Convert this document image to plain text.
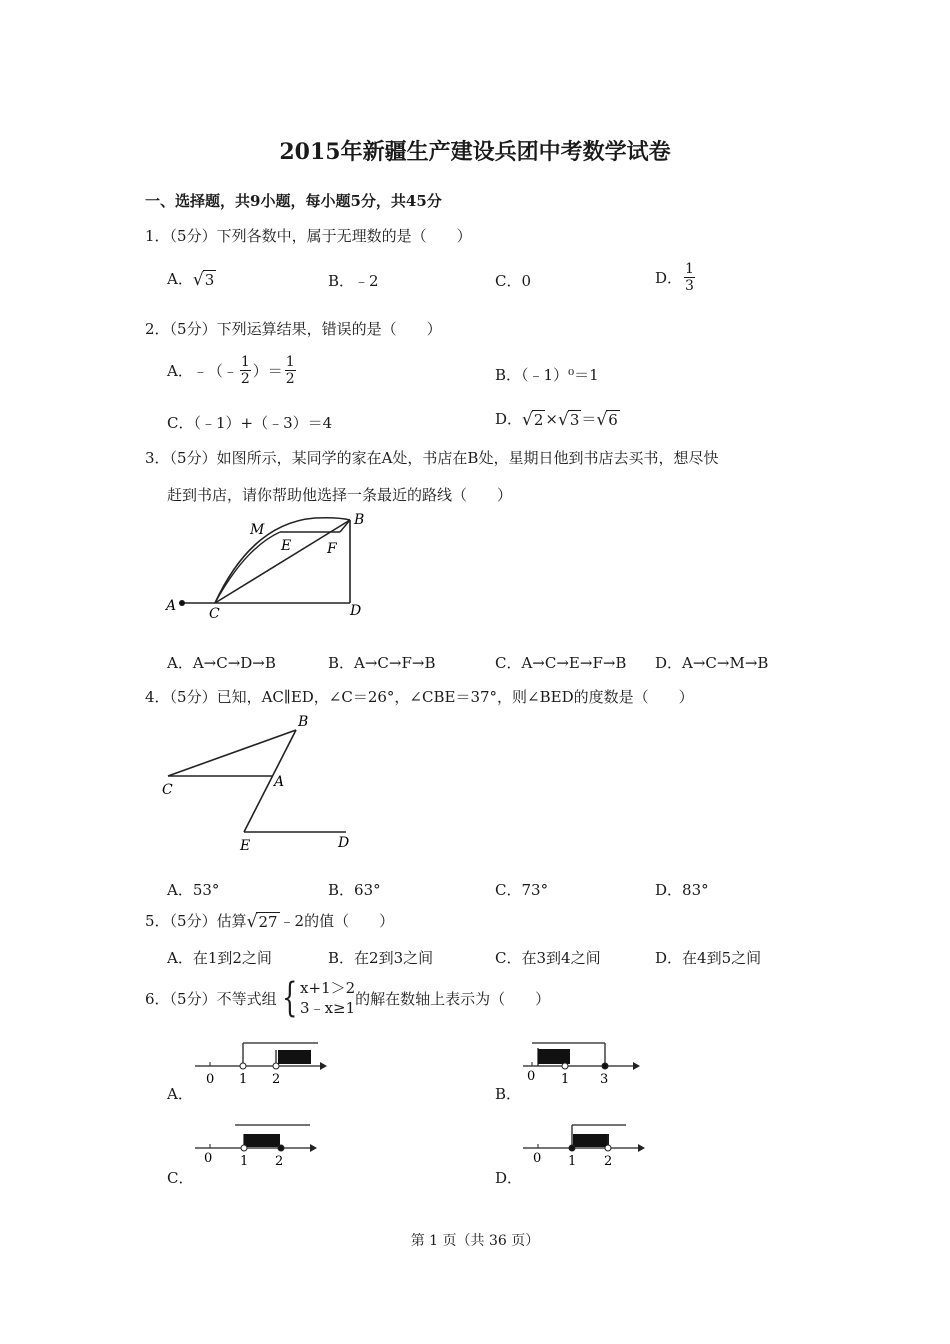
2015年新疆生产建设兵团中考数学试卷
一、选择题，共9小题，每小题5分，共45分
1．（5分）下列各数中，属于无理数的是（　　）
A．√3	B．﹣2	C．0	D． $\frac{1}{3}$
2．（5分）下列运算结果，错误的是（　　）
A．﹣（﹣ $\frac{1}{2}$ ）＝ $\frac{1}{2}$	B．（﹣1）⁰＝1
C．（﹣1）+（﹣3）＝4	D．√2 ×√3 ＝√6
3．（5分）如图所示，某同学的家在A处，书店在B处，星期日他到书店去买书，想尽快
赶到书店，请你帮助他选择一条最近的路线（　　）
A
B
C	D
E	F
M
A．A→C→D→B	B．A→C→F→B	C．A→C→E→F→B D．A→C→M→B
4．（5分）已知，AC∥ED，∠C＝26°，∠CBE＝37°，则∠BED的度数是（　　）
B
C	A
E	D
A．53°	B．63°	C．73°	D．83°
5．（5分）估算√27 ﹣2的值（　　）
A．在1到2之间	B．在2到3之间	C．在3到4之间	D．在4到5之间
6．（5分）不等式组 { x+1＞2
3﹣x≥1
的解在数轴上表示为（　　）
A．
0 1 2
B．
0 1 3
C．
0 1 2
D．
0 1 2
第 1 页（共 36 页）
